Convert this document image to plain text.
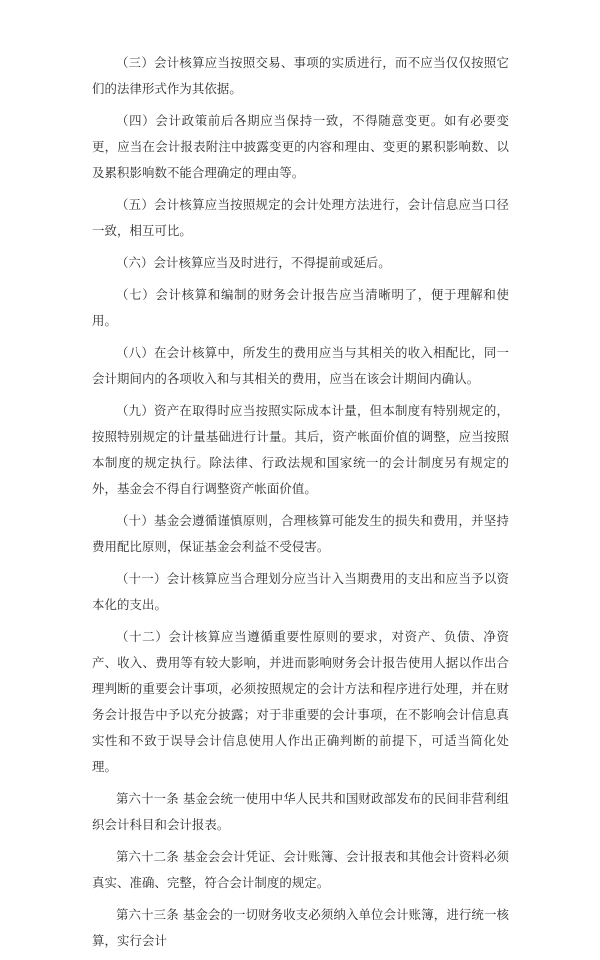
（三）会计核算应当按照交易、事项的实质进行，而不应当仅仅按照它们的法律形式作为其依据。

（四）会计政策前后各期应当保持一致，不得随意变更。如有必要变更，应当在会计报表附注中披露变更的内容和理由、变更的累积影响数、以及累积影响数不能合理确定的理由等。

（五）会计核算应当按照规定的会计处理方法进行，会计信息应当口径一致，相互可比。

（六）会计核算应当及时进行，不得提前或延后。

（七）会计核算和编制的财务会计报告应当清晰明了，便于理解和使用。

（八）在会计核算中，所发生的费用应当与其相关的收入相配比，同一会计期间内的各项收入和与其相关的费用，应当在该会计期间内确认。

（九）资产在取得时应当按照实际成本计量，但本制度有特别规定的，按照特别规定的计量基础进行计量。其后，资产帐面价值的调整，应当按照本制度的规定执行。除法律、行政法规和国家统一的会计制度另有规定的外，基金会不得自行调整资产帐面价值。

（十）基金会遵循谨慎原则，合理核算可能发生的损失和费用，并坚持费用配比原则，保证基金会利益不受侵害。

（十一）会计核算应当合理划分应当计入当期费用的支出和应当予以资本化的支出。

（十二）会计核算应当遵循重要性原则的要求，对资产、负债、净资产、收入、费用等有较大影响，并进而影响财务会计报告使用人据以作出合理判断的重要会计事项，必须按照规定的会计方法和程序进行处理，并在财务会计报告中予以充分披露；对于非重要的会计事项，在不影响会计信息真实性和不致于误导会计信息使用人作出正确判断的前提下，可适当简化处理。

第六十一条 基金会统一使用中华人民共和国财政部发布的民间非营利组织会计科目和会计报表。

第六十二条 基金会会计凭证、会计账簿、会计报表和其他会计资料必须真实、准确、完整，符合会计制度的规定。

第六十三条 基金会的一切财务收支必须纳入单位会计账簿，进行统一核算，实行会计
